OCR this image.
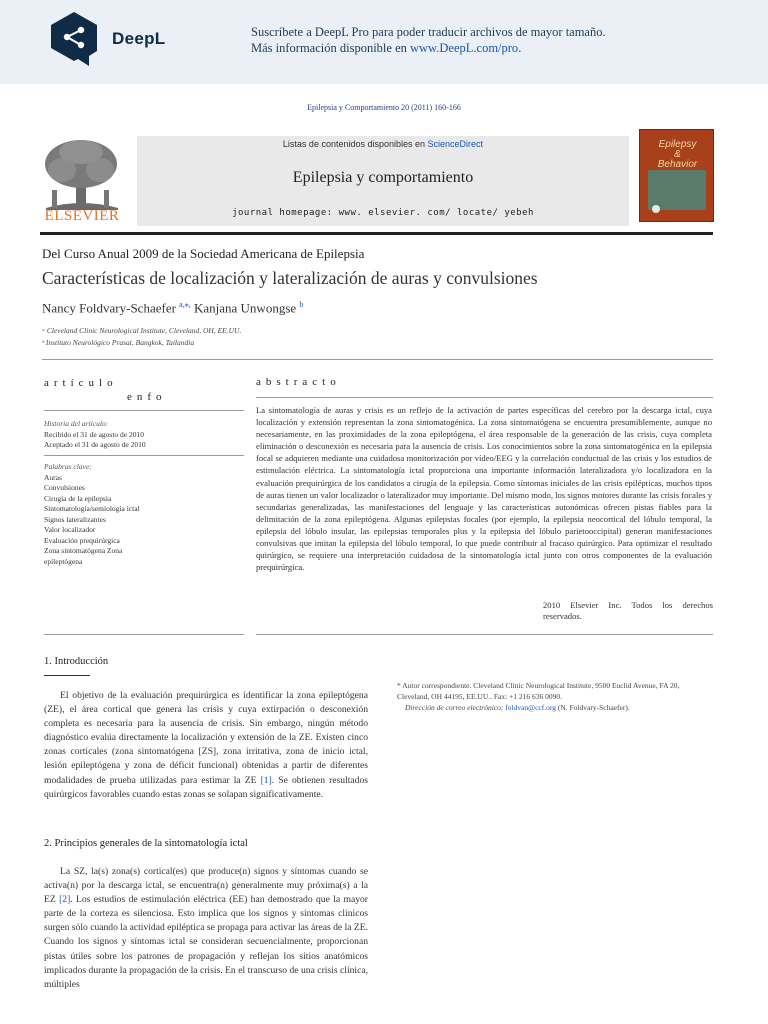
DeepL	Suscríbete a DeepL Pro para poder traducir archivos de mayor tamaño.
Más información disponible en www.DeepL.com/pro.
Epilepsia y Comportamiento 20 (2011) 160-166
ELSEVIER
Listas de contenidos disponibles en ScienceDirect
Epilepsia y comportamiento
journal homepage: www. elsevier. com/ locate/ yebeh
Epilepsy
&
Behavior
Del Curso Anual 2009 de la Sociedad Americana de Epilepsia
Características de localización y lateralización de auras y convulsiones
Nancy Foldvary-Schaefer $^{a,⁎,}$ Kanjana Unwongse $^b$
ᵃ Cleveland Clinic Neurological Institute, Cleveland, OH, EE.UU.
ᵇ Instituto Neurológico Prasat, Bangkok, Tailandia
artículo
enfo
Historia del artículo:
Recibido el 31 de agosto de 2010
Aceptado el 31 de agosto de 2010
Palabras clave:
Auras
Convulsiones
Cirugía de la epilepsia
Sintomatología/semiología ictal
Signos lateralizantes
Valor localizador
Evaluación prequirúrgica
Zona sintomatógena Zona
epileptógena
abstracto
La sintomatología de auras y crisis es un reflejo de la activación de partes específicas del cerebro por la descarga ictal, cuya localización y extensión representan la zona sintomatogénica. La zona sintomatógena se encuentra presumiblemente, aunque no necesariamente, en las proximidades de la zona epileptógena, el área responsable de la generación de las crisis, cuya completa eliminación o desconexión es necesaria para la ausencia de crisis. Los conocimientos sobre la zona sintomatogénica en la epilepsia focal se adquieren mediante una cuidadosa monitorización por vídeo/EEG y la correlación conductual de las crisis y los estudios de estimulación eléctrica. La sintomatología ictal proporciona una importante información lateralizadora y/o localizadora en la evaluación prequirúrgica de los candidatos a cirugía de la epilepsia. Como síntomas iniciales de las crisis epilépticas, muchos tipos de auras tienen un valor localizador o lateralizador muy importante. Del mismo modo, los signos motores durante las crisis focales y secundarias generalizadas, las manifestaciones del lenguaje y las características autonómicas ofrecen pistas fiables para la delimitación de la zona epileptógena. Algunas epilepsias focales (por ejemplo, la epilepsia neocortical del lóbulo temporal, la epilepsia del lóbulo insular, las epilepsias temporales plus y la epilepsia del lóbulo parietooccipital) generan manifestaciones convulsivas que imitan la epilepsia del lóbulo temporal, lo que puede contribuir al fracaso quirúrgico. Para optimizar el resultado quirúrgico, se requiere una interpretación cuidadosa de la sintomatología ictal junto con otros componentes de la evaluación prequirúrgica.
2010 Elsevier Inc. Todos los derechos reservados.
1. Introducción
El objetivo de la evaluación prequirúrgica es identificar la zona epileptógena (ZE), el área cortical que genera las crisis y cuya extirpación o desconexión completa es necesaria para la ausencia de crisis. Sin embargo, ningún método diagnóstico evalúa directamente la localización y extensión de la ZE. Existen cinco zonas corticales (zona sintomatógena [ZS], zona irritativa, zona de inicio ictal, lesión epileptógena y zona de déficit funcional) obtenidas a partir de diferentes modalidades de prueba utilizadas para estimar la ZE [1]. Se obtienen resultados quirúrgicos favorables cuando estas zonas se solapan significativamente.
2. Principios generales de la sintomatología ictal
La SZ, la(s) zona(s) cortical(es) que produce(n) signos y síntomas cuando se activa(n) por la descarga ictal, se encuentra(n) generalmente muy próxima(s) a la EZ [2]. Los estudios de estimulación eléctrica (EE) han demostrado que la mayor parte de la corteza es silenciosa. Esto implica que los signos y síntomas clínicos surgen sólo cuando la actividad epiléptica se propaga para activar las áreas de la ZE. Cuando los signos y síntomas ictal se consideran secuencialmente, proporcionan pistas útiles sobre los patrones de propagación y reflejan los sitios anatómicos implicados durante la propagación de la crisis. En el transcurso de una crisis clínica, múltiples
* Autor correspondiente. Cleveland Clinic Neurological Institute, 9500 Euclid Avenue, FA 20, Cleveland, OH 44195, EE.UU.. Fax: +1 216 636 0090.
Dirección de correo electrónico: foldvan@ccf.org (N. Foldvary-Schaefer).
